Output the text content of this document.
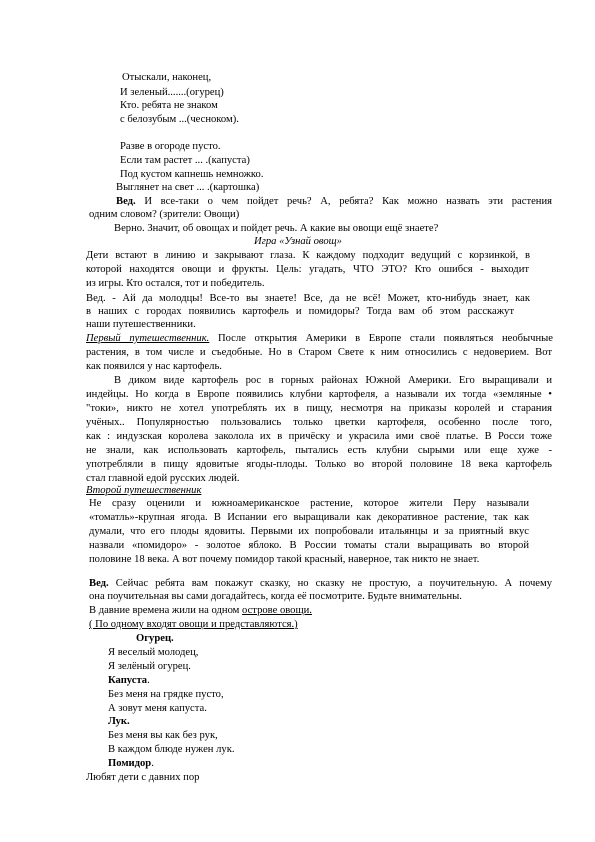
Отыскали, наконец,
И зеленый.......(огурец)
Кто. ребята не знаком
с белозубым ...(чесноком).
Разве в огороде пусто.
Если там растет ... .(капуста)
Под кустом капнешь немножко.
Выглянет на свет ... .(картошка)
Вед. И все-таки о чем пойдет речь? А, ребята? Как можно назвать эти растения
одним словом? (зрители: Овощи)
Верно. Значит, об овощах и пойдет речь. А какие вы овощи ещё знаете?
Игра «Узнай овощ»
Дети встают в линию и закрывают глаза. К каждому подходит ведущий с корзинкой, в
которой находятся овощи и фрукты. Цель: угадать, ЧТО ЭТО? Кто ошибся - выходит
из игры. Кто остался, тот и победитель.
Вед. - Ай да молодцы! Все-то вы знаете! Все, да не всё! Может, кто-нибудь знает, как
в наших с городах появились картофель и помидоры? Тогда вам об этом расскажут
наши путешественники.
Первый путешественник. После открытия Америки в Европе стали появляться необычные
растения, в том числе и съедобные. Но в Старом Свете к ним относились с недоверием. Вот
как появился у нас картофель.
В диком виде картофель рос в горных районах Южной Америки. Его выращивали и
индейцы. Но когда в Европе появились клубни картофеля, а называли их тогда «земляные •
"токи», никто не хотел употреблять их в пищу, несмотря на приказы королей и старания
учёных.. Популярностью пользовались только цветки картофеля, особенно после того,
как : индузская королева заколола их в причёску и украсила ими своё платье. В Росси тоже
не знали, как использовать картофель, пытались есть клубни сырыми или еще хуже -
употребляли в пищу ядовитые ягоды-плоды. Только во второй половине 18 века картофель
стал главной едой русских людей.
Второй путешественник
Не сразу оценили и южноамериканское растение, которое жители Перу называли
«томатль»-крупная ягода. В Испании его выращивали как декоративное растение, так как
думали, что его плоды ядовиты. Первыми их попробовали итальянцы и за приятный вкус
назвали «помидоро» - золотое яблоко. В России томаты стали выращивать во второй
половине 18 века. А вот почему помидор такой красный, наверное, так никто не знает.
Вед. Сейчас ребята вам покажут сказку, но сказку не простую, а поучительную. А почему
она поучительная вы сами догадайтесь, когда её посмотрите. Будьте внимательны.
В давние времена жили на одном острове овощи.
( По одному входят овощи и представляются.)
Огурец.
Я веселый молодец,
Я зелёный огурец.
Капуста.
Без меня на грядке пусто,
А зовут меня капуста.
Лук.
Без меня вы как без рук,
В каждом блюде нужен лук.
Помидор.
Любят дети с давних пор
